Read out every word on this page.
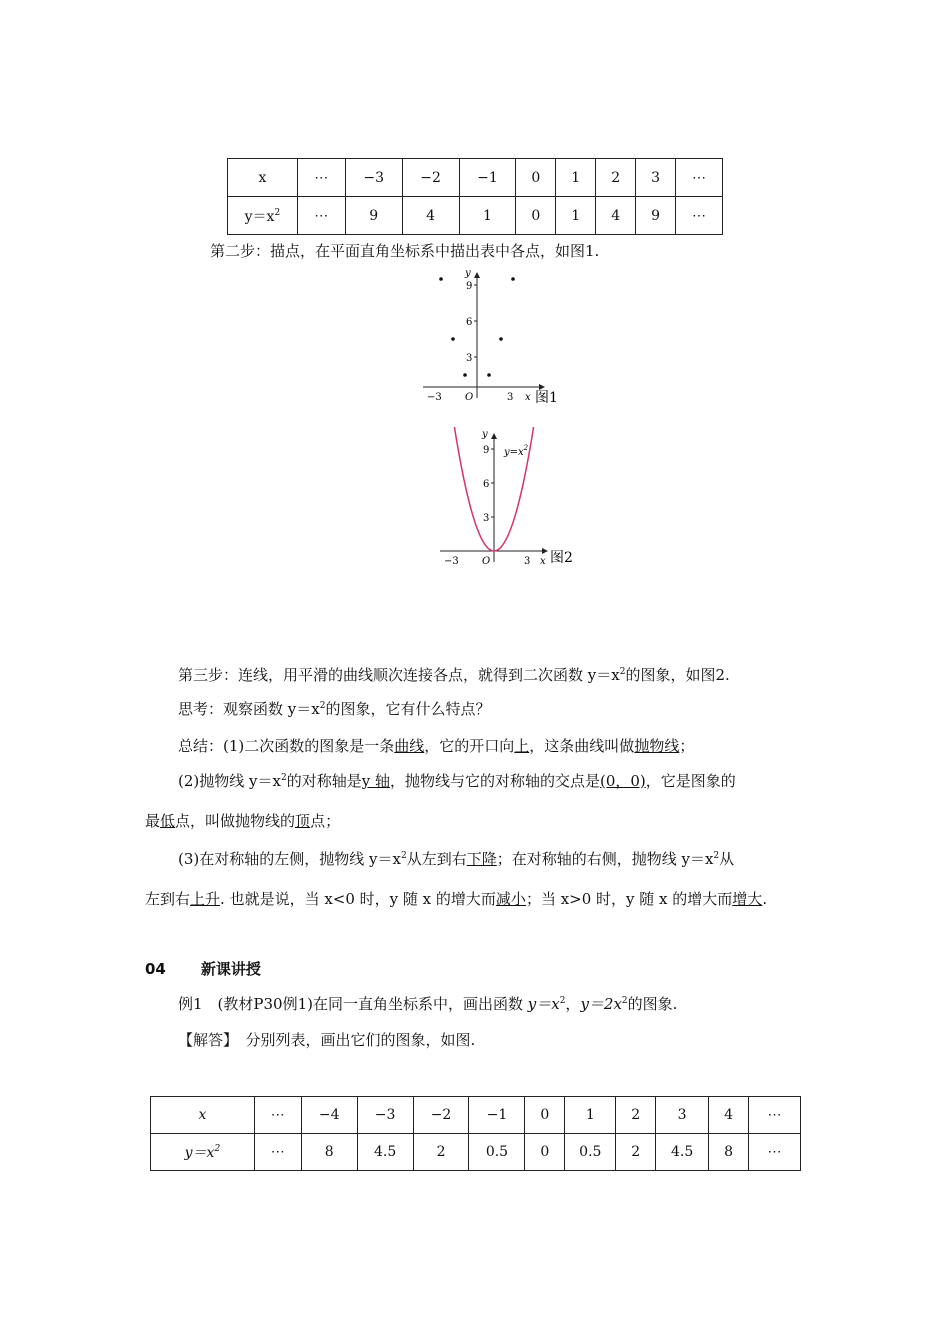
x	⋯	−3	−2	−1	0	1	2	3	⋯
$y=x^2$	⋯	9	4	1	0	1	4	9	⋯
第二步：描点，在平面直角坐标系中描出表中各点，如图1.
y
9
6
3
−3 O	3 x 图1
y
9
6
3
−3 O	3 x 图2
$y=x^2$
第三步：连线，用平滑的曲线顺次连接各点，就得到二次函数 $y=x^2$的图象，如图2.
思考：观察函数 $y=x^2$的图象，它有什么特点？
总结：(1)二次函数的图象是一条曲线，它的开口向上，这条曲线叫做抛物线；
(2)抛物线 $y=x^2$的对称轴是y 轴，抛物线与它的对称轴的交点是(0，0)，它是图象的
最低点，叫做抛物线的顶点；
(3)在对称轴的左侧，抛物线 $y=x^2$从左到右下降；在对称轴的右侧，抛物线 $y=x^2$从
左到右上升. 也就是说，当 x<0 时，y 随 x 的增大而减小；当 x>0 时，y 随 x 的增大而增大.
04 新课讲授
例1　(教材P30例1)在同一直角坐标系中，画出函数 $y=x^2$，$y=2x^2$的图象.
【解答】　分别列表，画出它们的图象，如图.
x	⋯	−4	−3	−2	−1	0	1	2	3	4	⋯
$y=x^2$	⋯	8	4.5	2	0.5	0	0.5	2	4.5	8	⋯
